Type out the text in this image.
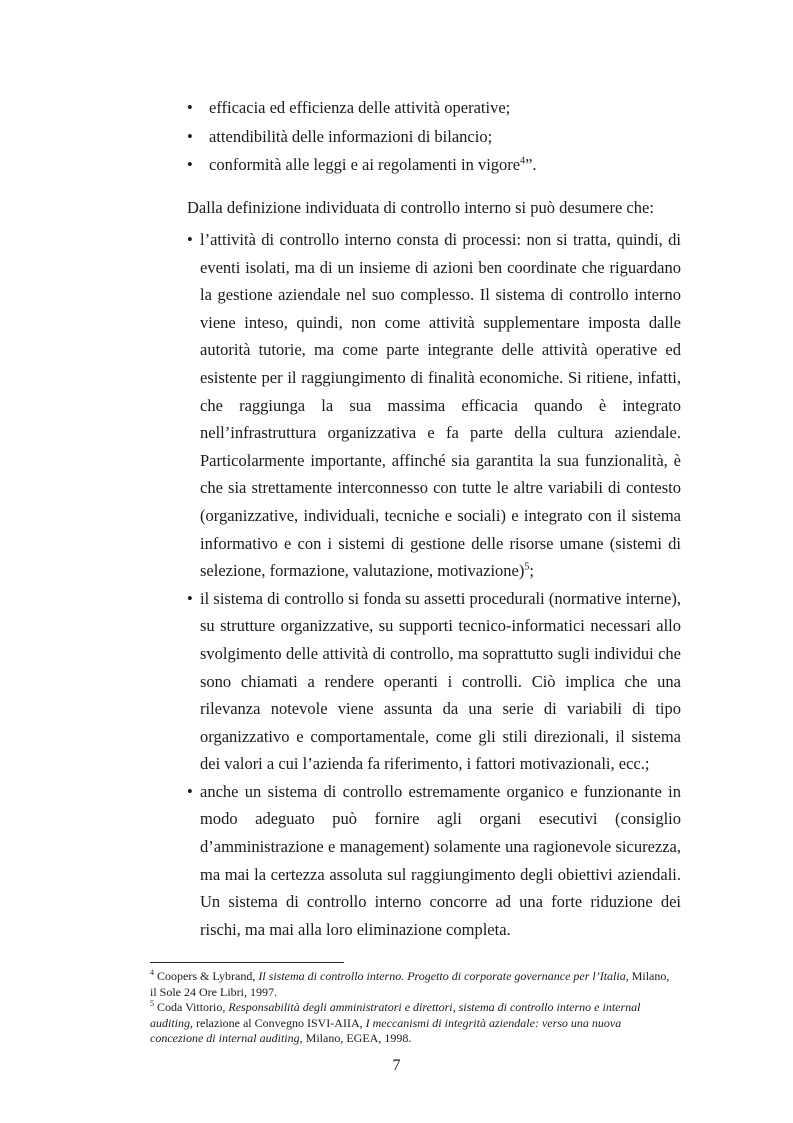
• efficacia ed efficienza delle attività operative;
• attendibilità delle informazioni di bilancio;
• conformità alle leggi e ai regolamenti in vigore$^4$”.
Dalla definizione individuata di controllo interno si può desumere che:

• l’attività di controllo interno consta di processi: non si tratta, quindi, di eventi isolati, ma di un insieme di azioni ben coordinate che riguardano la gestione aziendale nel suo complesso. Il sistema di controllo interno viene inteso, quindi, non come attività supplementare imposta dalle autorità tutorie, ma come parte integrante delle attività operative ed esistente per il raggiungimento di finalità economiche. Si ritiene, infatti, che raggiunga la sua massima efficacia quando è integrato nell’infrastruttura organizzativa e fa parte della cultura aziendale. Particolarmente importante, affinché sia garantita la sua funzionalità, è che sia strettamente interconnesso con tutte le altre variabili di contesto (organizzative, individuali, tecniche e sociali) e integrato con il sistema informativo e con i sistemi di gestione delle risorse umane (sistemi di selezione, formazione, valutazione, motivazione)$^5$;

• il sistema di controllo si fonda su assetti procedurali (normative interne), su strutture organizzative, su supporti tecnico-informatici necessari allo svolgimento delle attività di controllo, ma soprattutto sugli individui che sono chiamati a rendere operanti i controlli. Ciò implica che una rilevanza notevole viene assunta da una serie di variabili di tipo organizzativo e comportamentale, come gli stili direzionali, il sistema dei valori a cui l’azienda fa riferimento, i fattori motivazionali, ecc.;

• anche un sistema di controllo estremamente organico e funzionante in modo adeguato può fornire agli organi esecutivi (consiglio d’amministrazione e management) solamente una ragionevole sicurezza, ma mai la certezza assoluta sul raggiungimento degli obiettivi aziendali. Un sistema di controllo interno concorre ad una forte riduzione dei rischi, ma mai alla loro eliminazione completa.

$^4$ Coopers & Lybrand, Il sistema di controllo interno. Progetto di corporate governance per l’Italia, Milano, il Sole 24 Ore Libri, 1997.

$^5$ Coda Vittorio, Responsabilità degli amministratori e direttori, sistema di controllo interno e internal auditing, relazione al Convegno ISVI-AIIA, I meccanismi di integrità aziendale: verso una nuova concezione di internal auditing, Milano, EGEA, 1998.

7
